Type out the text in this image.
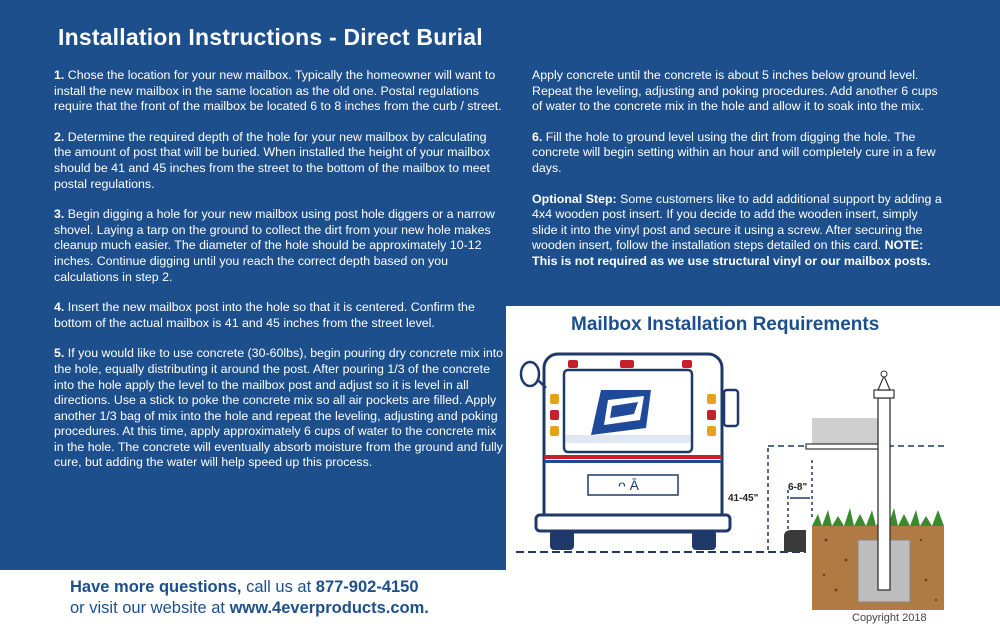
Installation Instructions - Direct Burial

1. Chose the location for your new mailbox. Typically the homeowner will want to install the new mailbox in the same location as the old one. Postal regulations require that the front of the mailbox be located 6 to 8 inches from the curb / street.

2. Determine the required depth of the hole for your new mailbox by calculating the amount of post that will be buried. When installed the height of your mailbox should be 41 and 45 inches from the street to the bottom of the mailbox to meet postal regulations.

3. Begin digging a hole for your new mailbox using post hole diggers or a narrow shovel. Laying a tarp on the ground to collect the dirt from your new hole makes cleanup much easier. The diameter of the hole should be approximately 10-12 inches. Continue digging until you reach the correct depth based on you calculations in step 2.

4. Insert the new mailbox post into the hole so that it is centered. Confirm the bottom of the actual mailbox is 41 and 45 inches from the street level.

5. If you would like to use concrete (30-60lbs), begin pouring dry concrete mix into the hole, equally distributing it around the post. After pouring 1/3 of the concrete into the hole apply the level to the mailbox post and adjust so it is level in all directions. Use a stick to poke the concrete mix so all air pockets are filled. Apply another 1/3 bag of mix into the hole and repeat the leveling, adjusting and poking procedures. At this time, apply approximately 6 cups of water to the concrete mix in the hole. The concrete will eventually absorb moisture from the ground and fully cure, but adding the water will help speed up this process.

Apply concrete until the concrete is about 5 inches below ground level. Repeat the leveling, adjusting and poking procedures. Add another 6 cups of water to the concrete mix in the hole and allow it to soak into the mix.

6. Fill the hole to ground level using the dirt from digging the hole. The concrete will begin setting within an hour and will completely cure in a few days.

Optional Step: Some customers like to add additional support by adding a 4x4 wooden post insert. If you decide to add the wooden insert, simply slide it into the vinyl post and secure it using a screw. After securing the wooden insert, follow the installation steps detailed on this card. NOTE: This is not required as we use structural vinyl or our mailbox posts.

Mailbox Installation Requirements
ᴖ Ā
41-45"
6-8"
Have more questions, call us at 877-902-4150
or visit our website at www.4everproducts.com.
Copyright 2018
